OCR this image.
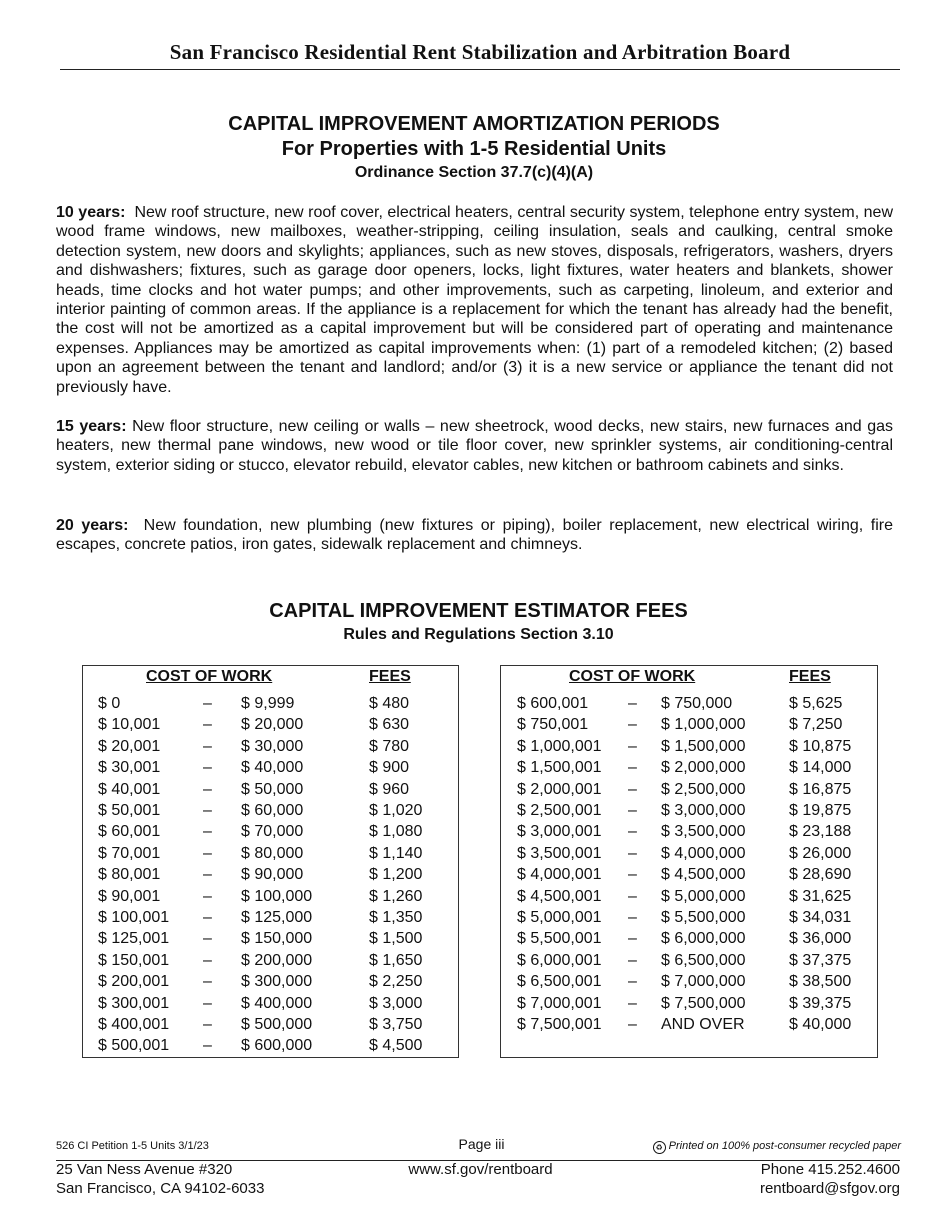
San Francisco Residential Rent Stabilization and Arbitration Board
CAPITAL IMPROVEMENT AMORTIZATION PERIODS
For Properties with 1-5 Residential Units
Ordinance Section 37.7(c)(4)(A)
10 years: New roof structure, new roof cover, electrical heaters, central security system, telephone entry system, new wood frame windows, new mailboxes, weather-stripping, ceiling insulation, seals and caulking, central smoke detection system, new doors and skylights; appliances, such as new stoves, disposals, refrigerators, washers, dryers and dishwashers; fixtures, such as garage door openers, locks, light fixtures, water heaters and blankets, shower heads, time clocks and hot water pumps; and other improvements, such as carpeting, linoleum, and exterior and interior painting of common areas. If the appliance is a replacement for which the tenant has already had the benefit, the cost will not be amortized as a capital improvement but will be considered part of operating and maintenance expenses. Appliances may be amortized as capital improvements when: (1) part of a remodeled kitchen; (2) based upon an agreement between the tenant and landlord; and/or (3) it is a new service or appliance the tenant did not previously have.
15 years: New floor structure, new ceiling or walls – new sheetrock, wood decks, new stairs, new furnaces and gas heaters, new thermal pane windows, new wood or tile floor cover, new sprinkler systems, air conditioning-central system, exterior siding or stucco, elevator rebuild, elevator cables, new kitchen or bathroom cabinets and sinks.
20 years: New foundation, new plumbing (new fixtures or piping), boiler replacement, new electrical wiring, fire escapes, concrete patios, iron gates, sidewalk replacement and chimneys.
CAPITAL IMPROVEMENT ESTIMATOR FEES
Rules and Regulations Section 3.10
COST OF WORK	FEES
$ 0	– $ 9,999	$ 480
$ 10,001	– $ 20,000	$ 630
$ 20,001	– $ 30,000	$ 780
$ 30,001	– $ 40,000	$ 900
$ 40,001	– $ 50,000	$ 960
$ 50,001	– $ 60,000	$ 1,020
$ 60,001	– $ 70,000	$ 1,080
$ 70,001	– $ 80,000	$ 1,140
$ 80,001	– $ 90,000	$ 1,200
$ 90,001	– $ 100,000	$ 1,260
$ 100,001 – $ 125,000	$ 1,350
$ 125,001 – $ 150,000	$ 1,500
$ 150,001 – $ 200,000	$ 1,650
$ 200,001 – $ 300,000	$ 2,250
$ 300,001 – $ 400,000	$ 3,000
$ 400,001 – $ 500,000	$ 3,750
$ 500,001 – $ 600,000	$ 4,500
COST OF WORK	FEES
$ 600,001 – $ 750,000	$ 5,625
$ 750,001 – $ 1,000,000	$ 7,250
$ 1,000,001 – $ 1,500,000	$ 10,875
$ 1,500,001 – $ 2,000,000	$ 14,000
$ 2,000,001 – $ 2,500,000	$ 16,875
$ 2,500,001 – $ 3,000,000	$ 19,875
$ 3,000,001 – $ 3,500,000	$ 23,188
$ 3,500,001 – $ 4,000,000	$ 26,000
$ 4,000,001 – $ 4,500,000	$ 28,690
$ 4,500,001 – $ 5,000,000	$ 31,625
$ 5,000,001 – $ 5,500,000	$ 34,031
$ 5,500,001 – $ 6,000,000	$ 36,000
$ 6,000,001 – $ 6,500,000	$ 37,375
$ 6,500,001 – $ 7,000,000	$ 38,500
$ 7,000,001 – $ 7,500,000	$ 39,375
$ 7,500,001 – AND OVER	$ 40,000
526 CI Petition 1-5 Units 3/1/23	Page iii	♻ Printed on 100% post-consumer recycled paper
25 Van Ness Avenue #320
San Francisco, CA 94102-6033
www.sf.gov/rentboard	Phone 415.252.4600
rentboard@sfgov.org
